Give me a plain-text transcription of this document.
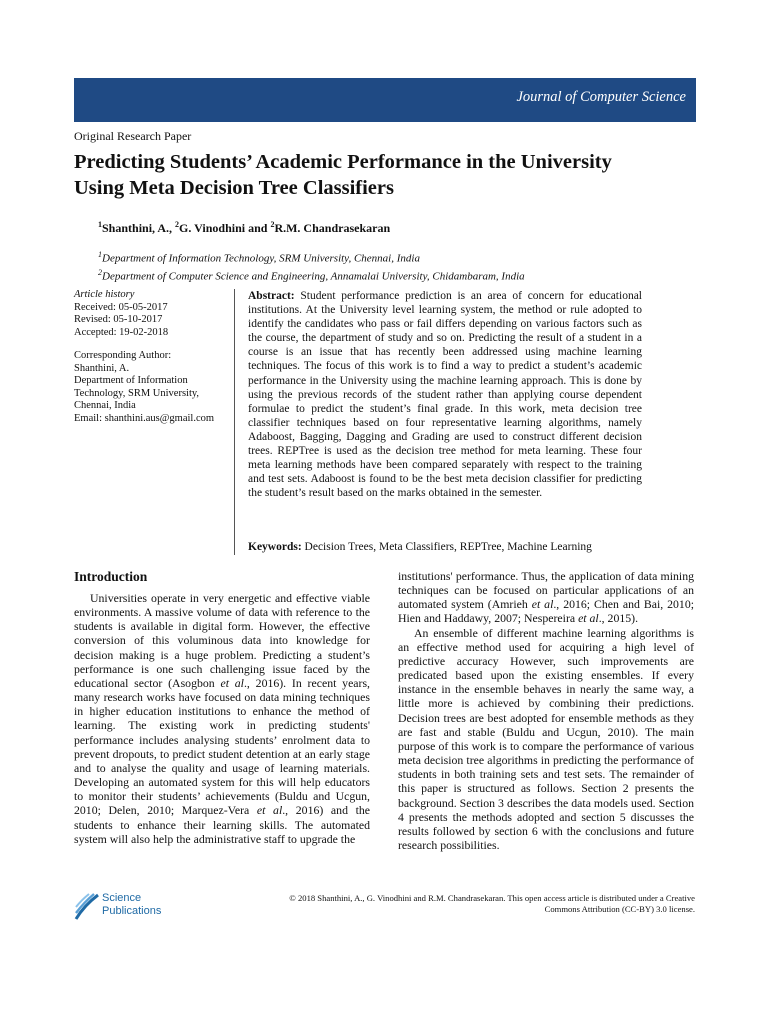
Journal of Computer Science
Original Research Paper
Predicting Students’ Academic Performance in the University
Using Meta Decision Tree Classifiers
$^1$Shanthini, A., $^2$G. Vinodhini and $^2$R.M. Chandrasekaran
$^1$Department of Information Technology, SRM University, Chennai, India
$^2$Department of Computer Science and Engineering, Annamalai University, Chidambaram, India
Article history
Received: 05-05-2017
Revised: 05-10-2017
Accepted: 19-02-2018
Corresponding Author:
Shanthini, A.
Department of Information
Technology, SRM University,
Chennai, India
Email: shanthini.aus@gmail.com

Abstract: Student performance prediction is an area of concern for educational institutions. At the University level learning system, the method or rule adopted to identify the candidates who pass or fail differs depending on various factors such as the course, the department of study and so on. Predicting the result of a student in a course is an issue that has recently been addressed using machine learning techniques. The focus of this work is to find a way to predict a student’s academic performance in the University using the machine learning approach. This is done by using the previous records of the student rather than applying course dependent formulae to predict the student’s final grade. In this work, meta decision tree classifier techniques based on four representative learning algorithms, namely Adaboost, Bagging, Dagging and Grading are used to construct different decision trees. REPTree is used as the decision tree method for meta learning. These four meta learning methods have been compared separately with respect to the training and test sets. Adaboost is found to be the best meta decision classifier for predicting the student’s result based on the marks obtained in the semester.

Keywords: Decision Trees, Meta Classifiers, REPTree, Machine Learning
Introduction

Universities operate in very energetic and effective viable environments. A massive volume of data with reference to the students is available in digital form. However, the effective conversion of this voluminous data into knowledge for decision making is a huge problem. Predicting a student’s performance is one such challenging issue faced by the educational sector (Asogbon et al., 2016). In recent years, many research works have focused on data mining techniques in higher education institutions to enhance the method of learning. The existing work in predicting students' performance includes analysing students’ enrolment data to prevent dropouts, to predict student detention at an early stage and to analyse the quality and usage of learning materials. Developing an automated system for this will help educators to monitor their students’ achievements (Buldu and Ucgun, 2010; Delen, 2010; Marquez-Vera et al., 2016) and the students to enhance their learning skills. The automated system will also help the administrative staff to upgrade the

institutions' performance. Thus, the application of data mining techniques can be focused on particular applications of an automated system (Amrieh et al., 2016; Chen and Bai, 2010; Hien and Haddawy, 2007; Nespereira et al., 2015).

An ensemble of different machine learning algorithms is an effective method used for acquiring a high level of predictive accuracy However, such improvements are predicated based upon the existing ensembles. If every instance in the ensemble behaves in nearly the same way, a little more is achieved by combining their predictions. Decision trees are best adopted for ensemble methods as they are fast and stable (Buldu and Ucgun, 2010). The main purpose of this work is to compare the performance of various meta decision tree algorithms in predicting the performance of students in both training sets and test sets. The remainder of this paper is structured as follows. Section 2 presents the background. Section 3 describes the data models used. Section 4 presents the methods adopted and section 5 discusses the results followed by section 6 with the conclusions and future research possibilities.

Science
Publications
© 2018 Shanthini, A., G. Vinodhini and R.M. Chandrasekaran. This open access article is distributed under a Creative
Commons Attribution (CC-BY) 3.0 license.
